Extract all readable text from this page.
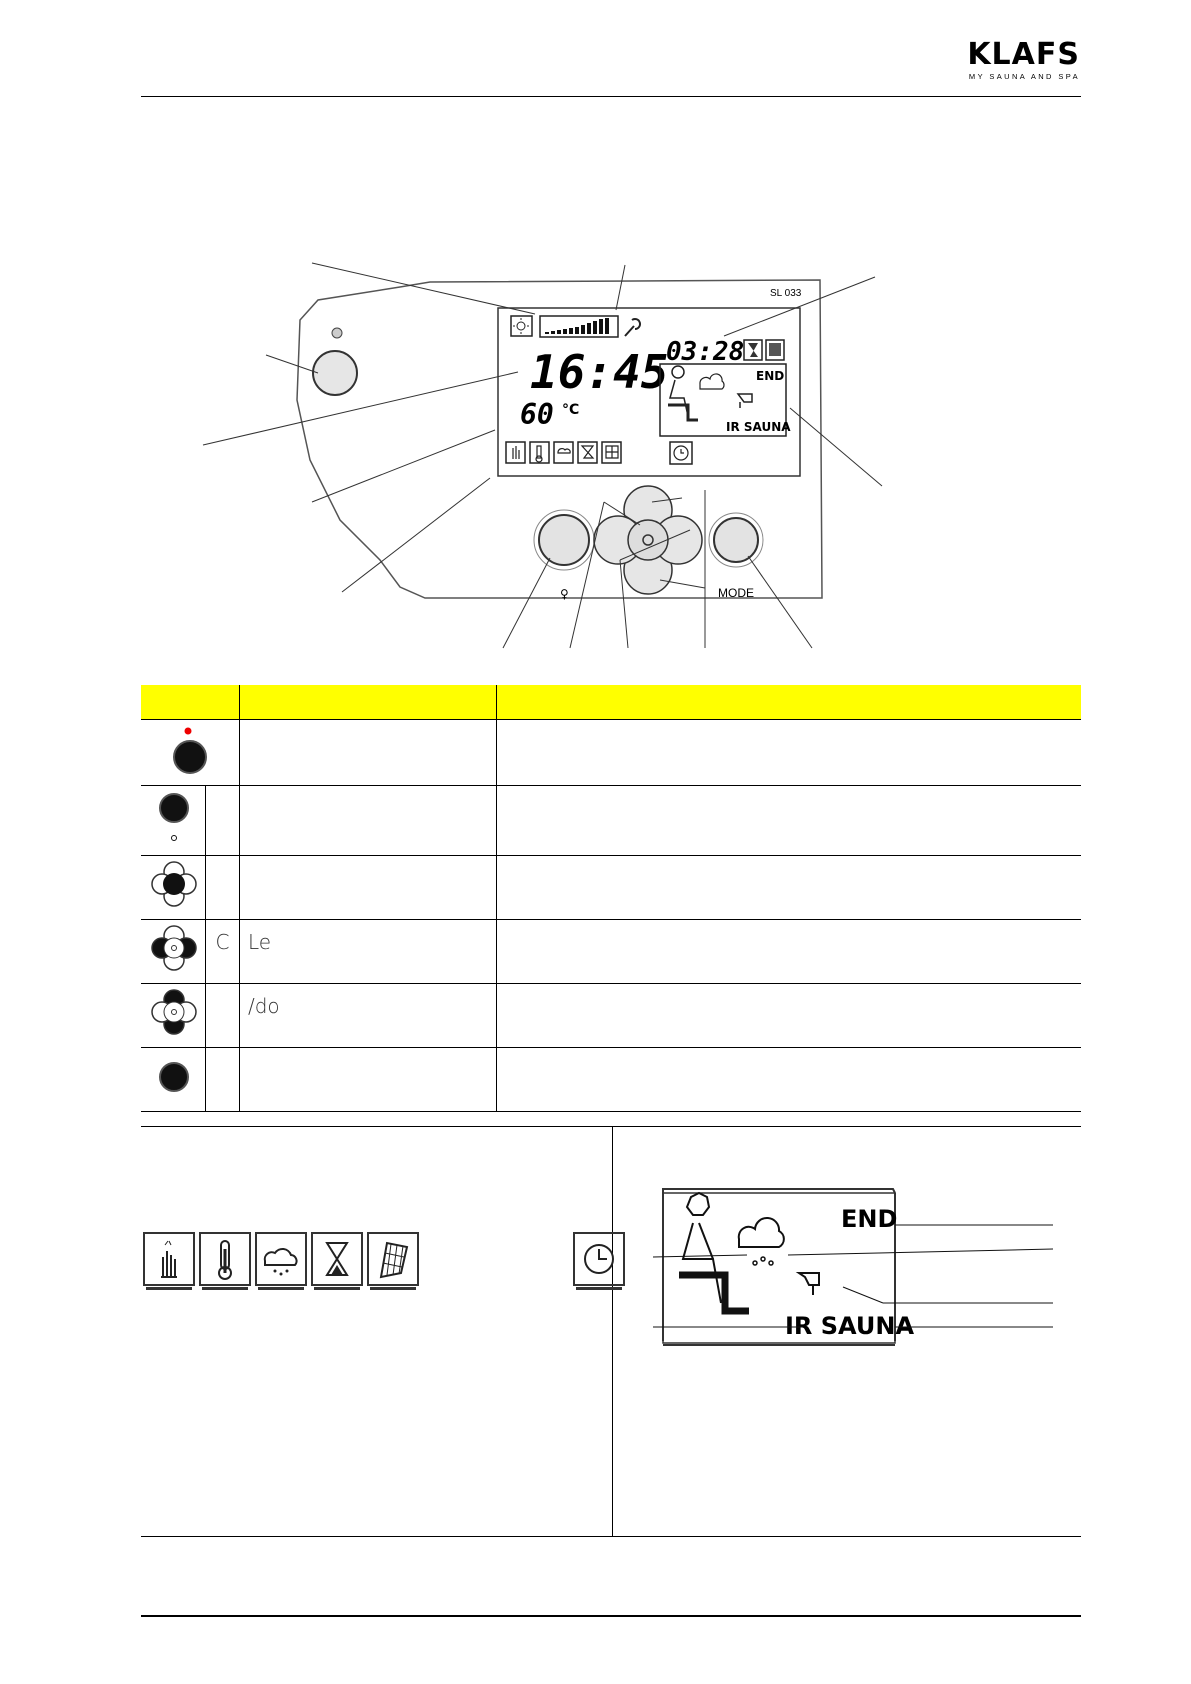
KLAFS
MY SAUNA AND SPA
SL 033
16:45
60 °C
03:28
END
IR SAUNA
♀	MODE

	C	Le	
		/do	

END
IR SAUNA
